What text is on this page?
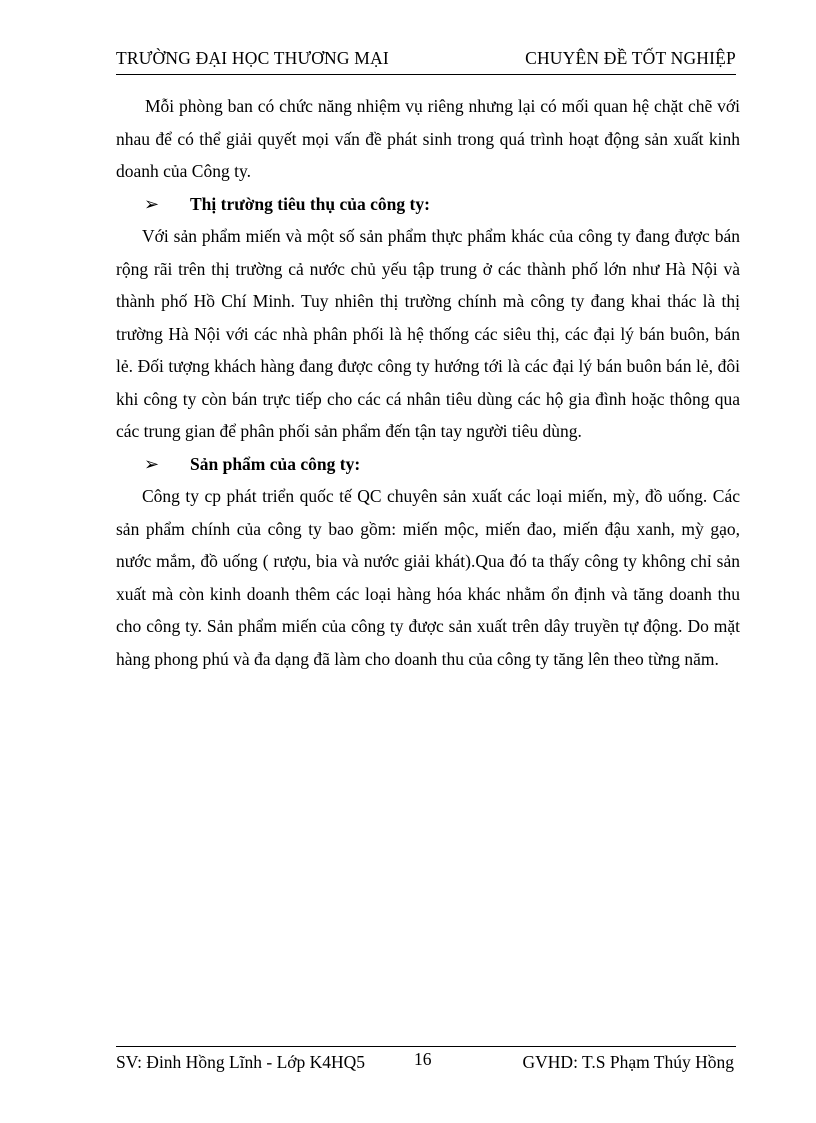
TRƯỜNG ĐẠI HỌC THƯƠNG MẠI	CHUYÊN ĐỀ TỐT NGHIỆP

Mỗi phòng ban có chức năng nhiệm vụ riêng nhưng lại có mối quan hệ chặt chẽ với nhau để có thể giải quyết mọi vấn đề phát sinh trong quá trình hoạt động sản xuất kinh doanh của Công ty.

➢ Thị trường tiêu thụ của công ty:

Với sản phẩm miến và một số sản phẩm thực phẩm khác của công ty đang được bán rộng rãi trên thị trường cả nước chủ yếu tập trung ở các thành phố lớn như Hà Nội và thành phố Hồ Chí Minh. Tuy nhiên thị trường chính mà công ty đang khai thác là thị trường Hà Nội với các nhà phân phối là hệ thống các siêu thị, các đại lý bán buôn, bán lẻ. Đối tượng khách hàng đang được công ty hướng tới là các đại lý bán buôn bán lẻ, đôi khi công ty còn bán trực tiếp cho các cá nhân tiêu dùng các hộ gia đình hoặc thông qua các trung gian để phân phối sản phẩm đến tận tay người tiêu dùng.

➢ Sản phẩm của công ty:

Công ty cp phát triển quốc tế QC chuyên sản xuất các loại miến, mỳ, đồ uống. Các sản phẩm chính của công ty bao gồm: miến mộc, miến đao, miến đậu xanh, mỳ gạo, nước mắm, đồ uống ( rượu, bia và nước giải khát).Qua đó ta thấy công ty không chỉ sản xuất mà còn kinh doanh thêm các loại hàng hóa khác nhằm ổn định và tăng doanh thu cho công ty. Sản phẩm miến của công ty được sản xuất trên dây truyền tự động. Do mặt hàng phong phú và đa dạng đã làm cho doanh thu của công ty tăng lên theo từng năm.

SV: Đinh Hồng Lĩnh - Lớp K4HQ5	16	GVHD: T.S Phạm Thúy Hồng
